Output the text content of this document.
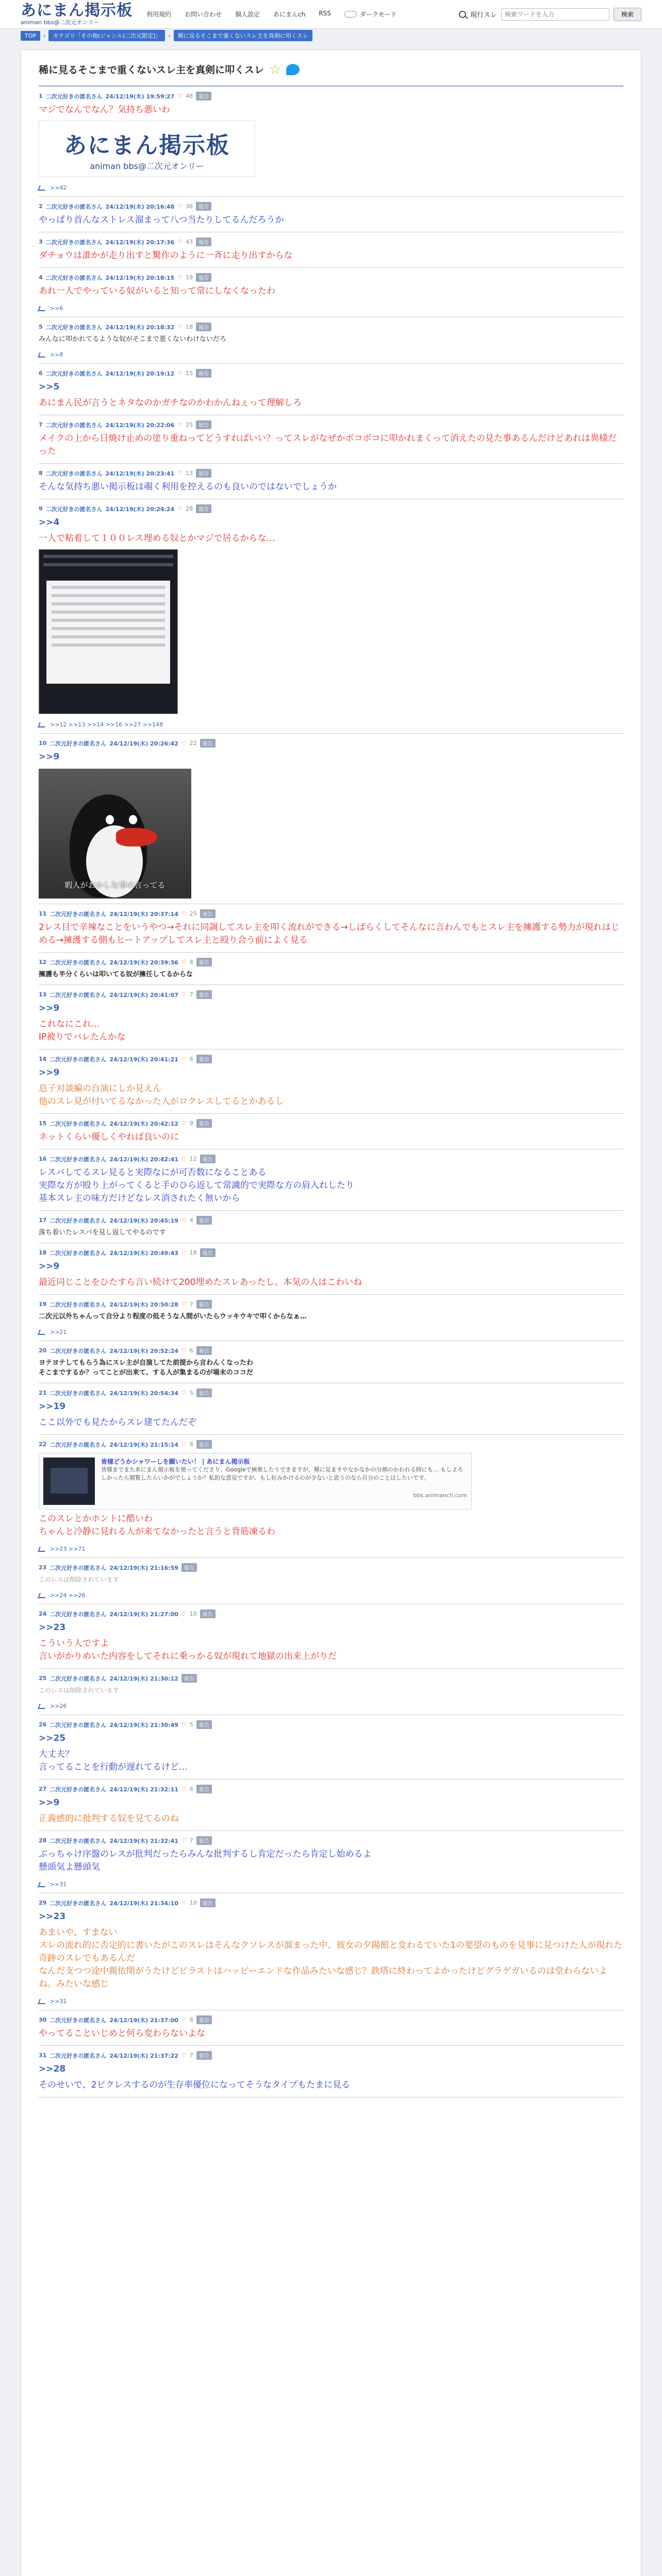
あにまん掲示板
animan bbs@二次元オンリー
利用規約 お問い合わせ 個人設定 あにまんch RSS	ダークモード	現行スレ
検索ワードを入力	検索
TOP	›	カテゴリ「その他(ジャンル)二次元限定]」	›	稀に見るそこまで重くないスレ主を真剣に叩くスレ
稀に見るそこまで重くないスレ主を真剣に叩くスレ ☆
1 二次元好きの匿名さん 24/12/19(木) 19:59:27 ♡ 48	報告
マジでなんでなん？気持ち悪いわ
あにまん掲示板
animan bbs@二次元オンリー
>>42
2 二次元好きの匿名さん 24/12/19(木) 20:16:48 ♡ 36	報告
やっぱり首んなストレス溜まって八つ当たりしてるんだろうか
3 二次元好きの匿名さん 24/12/19(木) 20:17:36 ♡ 43	報告
ダチョウは誰かが走り出すと驚作のように一斉に走り出すからな
4 二次元好きの匿名さん 24/12/19(木) 20:18:15 ♡ 19	報告
あれ一人でやっている奴がいると知って常にしなくなったわ
>>6
5 二次元好きの匿名さん 24/12/19(木) 20:18:32 ♡ 18	報告
みんなに叩かれてるような奴がそこまで悪くないわけないだろ
>>8
6 二次元好きの匿名さん 24/12/19(木) 20:19:12 ♡ 15	報告
>>5
あにまん民が言うとネタなのかガチなのかわかんねぇって理解しろ
7 二次元好きの匿名さん 24/12/19(木) 20:22:06 ♡ 25	報告
メイクの上から日焼け止めの塗り重ねってどうすればいい？ってスレがなぜかボコボコに叩かれまくって消えたの見た事あるんだけどあれは異様だった
8 二次元好きの匿名さん 24/12/19(木) 20:23:41 ♡ 13	報告
そんな気持ち悪い掲示板は覗く利用を控えるのも良いのではないでしょうか
9 二次元好きの匿名さん 24/12/19(木) 20:24:24 ♡ 28	報告
>>4
一人で粘着して１００レス埋める奴とかマジで居るからな…
>>12 >>13 >>14 >>16 >>27 >>148
10 二次元好きの匿名さん 24/12/19(木) 20:26:42 ♡ 22	報告
>>9
暇人がおかしな事の言ってる
11 二次元好きの匿名さん 24/12/19(木) 20:37:14 ♡ 25	報告
2レス目で辛辣なことをいうやつ→それに同調してスレ主を叩く流れができる→しばらくしてそんなに言わんでもとスレ主を擁護する勢力が現れはじめる→擁護する側もヒートアップしてスレ主と殴り合う前によく見る
12 二次元好きの匿名さん 24/12/19(木) 20:39:36 ♡ 8	報告
擁護も半分くらいは叩いてる奴が擁任してるからな
13 二次元好きの匿名さん 24/12/19(木) 20:41:07 ♡ 7	報告
>>9
これなにこれ...
IP被りでバレたんかな
14 二次元好きの匿名さん 24/12/19(木) 20:41:21 ♡ 6	報告
>>9
息子対談編の自演にしか見えん
他のスレ見が付いてるなかった人がロクレスしてるとかあるし
15 二次元好きの匿名さん 24/12/19(木) 20:42:12 ♡ 9	報告
ネットくらい優しくやれば良いのに
16 二次元好きの匿名さん 24/12/19(木) 20:42:41 ♡ 12	報告
レスバしてるスレ見ると実際なにが可否数になることある
実際な方が殴り上がってくると手のひら返して常識的で実際な方の肩入れしたり
基本スレ主の味方だけどなレス消されたく無いから
17 二次元好きの匿名さん 24/12/19(木) 20:45:19 ♡ 4	報告
落ち着いたレスバを見し返してやるのです
18 二次元好きの匿名さん 24/12/19(木) 20:49:43 ♡ 18	報告
>>9
最近同じことをひたすら言い続けて200埋めたスレあったし、本気の人はこわいね
19 二次元好きの匿名さん 24/12/19(木) 20:50:28 ♡ 7	報告
二次元以外ちゃんって自分より程度の低そうな人間がいたらウッキウキで叩くからなぁ…
>>21
20 二次元好きの匿名さん 24/12/19(木) 20:52:24 ♡ 6	報告
ヨテヨテしてもらう為にスレ主が自演してた前提から言わんくなったわ
そこまでするか？ってことが出来て、する人が集まるのが場末のココだ
21 二次元好きの匿名さん 24/12/19(木) 20:54:34 ♡ 5	報告
>>19
ここ以外でも見たからスレ建てたんだぞ
22 二次元好きの匿名さん 24/12/19(木) 21:15:14 ♡ 8	報告
皆様どうかシャワーしを願いたい！ | あにまん掲示板
皆様までまたあにまん掲示板を使ってくださり、Googleで検索したりできますが、稀に見ますやなかなかの分割のかわれる時にも… もしよろしかったら閲覧したらいかがでしょうか？私的な意見ですが、もし好みかけるのが少ないと思うのなら自分のことはしたいです。
bbs.animanch.com
このスレとかホントに酷いわ
ちゃんと冷静に見れる人が来てなかったと言うと背筋凍るわ
>>23 >>71
23 二次元好きの匿名さん 24/12/19(木) 21:16:59	報告
このレスは削除されています
>>24 >>26
24 二次元好きの匿名さん 24/12/19(木) 21:27:00 ♡ 10	報告
>>23
こういう人ですよ
言いがかりめいた内容をしてそれに乗っかる奴が現れて地獄の出来上がりだ
25 二次元好きの匿名さん 24/12/19(木) 21:30:12	報告
このレスは削除されています
>>26
26 二次元好きの匿名さん 24/12/19(木) 21:30:49 ♡ 5	報告
>>25
大丈夫？
言ってることを行動が遅れてるけど…
27 二次元好きの匿名さん 24/12/19(木) 21:32:11 ♡ 6	報告
>>9
正義感的に批判する奴を見てるのね
28 二次元好きの匿名さん 24/12/19(木) 21:32:41 ♡ 7	報告
ぶっちゃけ序盤のレスが批判だったらみんな批判するし肯定だったら肯定し始めるよ
懸頭気よ懸頭気
>>31
29 二次元好きの匿名さん 24/12/19(木) 21:34:10 ♡ 10	報告
>>23
あまいや、すまない
スレの流れ的に否定的に書いたがこのスレはそんなクソレスが溜まった中、彼女の夕陽館と変わるていた1の要望のものを見事に見つけた人が現れた奇跡のスレでもあるんだ
なんだ支つつ途中親依閉がうたけどピラストはハッピーエンドな作品みたいな感じ？鉄塔に終わってよかったけどグラゲガいるのは堂わらないよね。みたいな感じ
>>31
30 二次元好きの匿名さん 24/12/19(木) 21:37:00 ♡ 8	報告
やってることいじめと何ら変わらないよな
31 二次元好きの匿名さん 24/12/19(木) 21:37:22 ♡ 7	報告
>>28
そのせいで、2ピクレスするのが生存率優位になってそうなタイプもたまに見る
